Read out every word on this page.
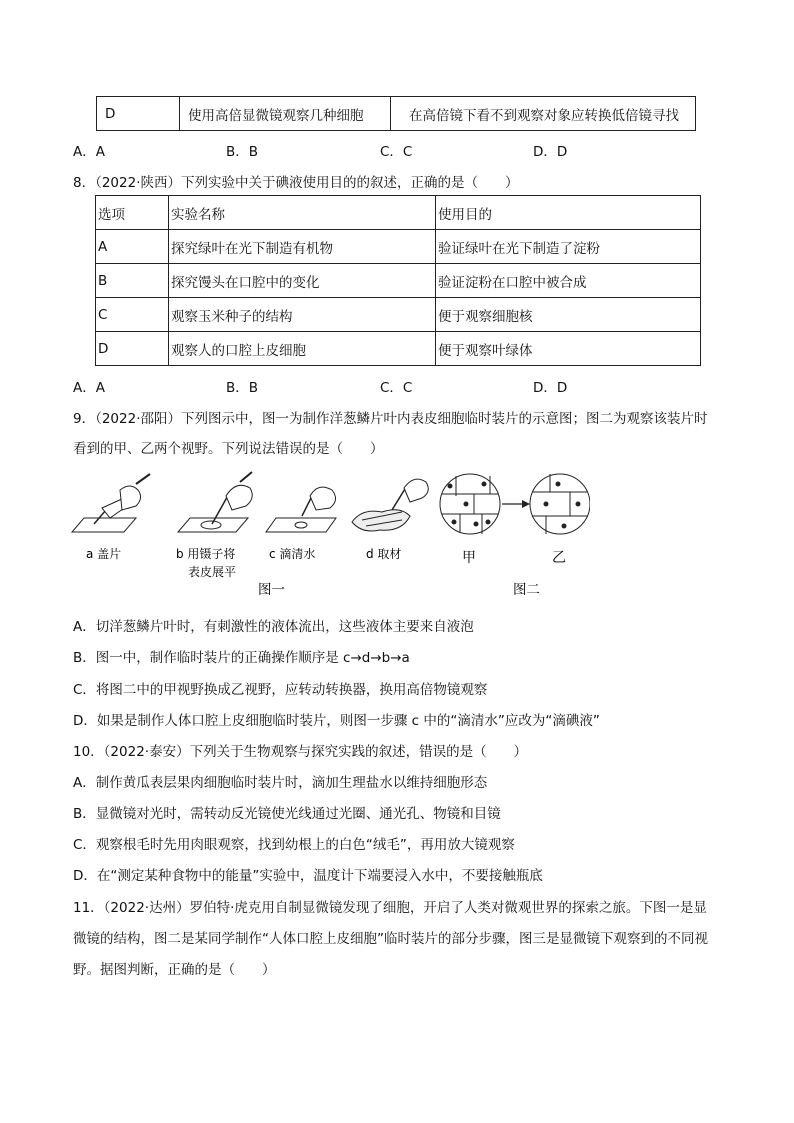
D	使用高倍显微镜观察几种细胞	在高倍镜下看不到观察对象应转换低倍镜寻找
A．A	B．B	C．C	D．D
8．（2022·陕西）下列实验中关于碘液使用目的的叙述，正确的是（　　）
选项	实验名称	使用目的
A	探究绿叶在光下制造有机物	验证绿叶在光下制造了淀粉
B	探究馒头在口腔中的变化	验证淀粉在口腔中被合成
C	观察玉米种子的结构	便于观察细胞核
D	观察人的口腔上皮细胞	便于观察叶绿体
A．A	B．B	C．C	D．D
9．（2022·邵阳）下列图示中，图一为制作洋葱鳞片叶内表皮细胞临时装片的示意图；图二为观察该装片时
看到的甲、乙两个视野。下列说法错误的是（　　）
a 盖片	b 用镊子将
表皮展平
c 滴清水	d 取材	甲	乙
图一	图二
A．切洋葱鳞片叶时，有刺激性的液体流出，这些液体主要来自液泡
B．图一中，制作临时装片的正确操作顺序是 c→d→b→a
C．将图二中的甲视野换成乙视野，应转动转换器，换用高倍物镜观察
D．如果是制作人体口腔上皮细胞临时装片，则图一步骤 c 中的“滴清水”应改为“滴碘液”
10．（2022·泰安）下列关于生物观察与探究实践的叙述，错误的是（　　）
A．制作黄瓜表层果肉细胞临时装片时，滴加生理盐水以维持细胞形态
B．显微镜对光时，需转动反光镜使光线通过光圈、通光孔、物镜和目镜
C．观察根毛时先用肉眼观察，找到幼根上的白色“绒毛”，再用放大镜观察
D．在“测定某种食物中的能量”实验中，温度计下端要浸入水中，不要接触瓶底
11．（2022·达州）罗伯特·虎克用自制显微镜发现了细胞，开启了人类对微观世界的探索之旅。下图一是显
微镜的结构，图二是某同学制作“人体口腔上皮细胞”临时装片的部分步骤，图三是显微镜下观察到的不同视
野。据图判断，正确的是（　　）
